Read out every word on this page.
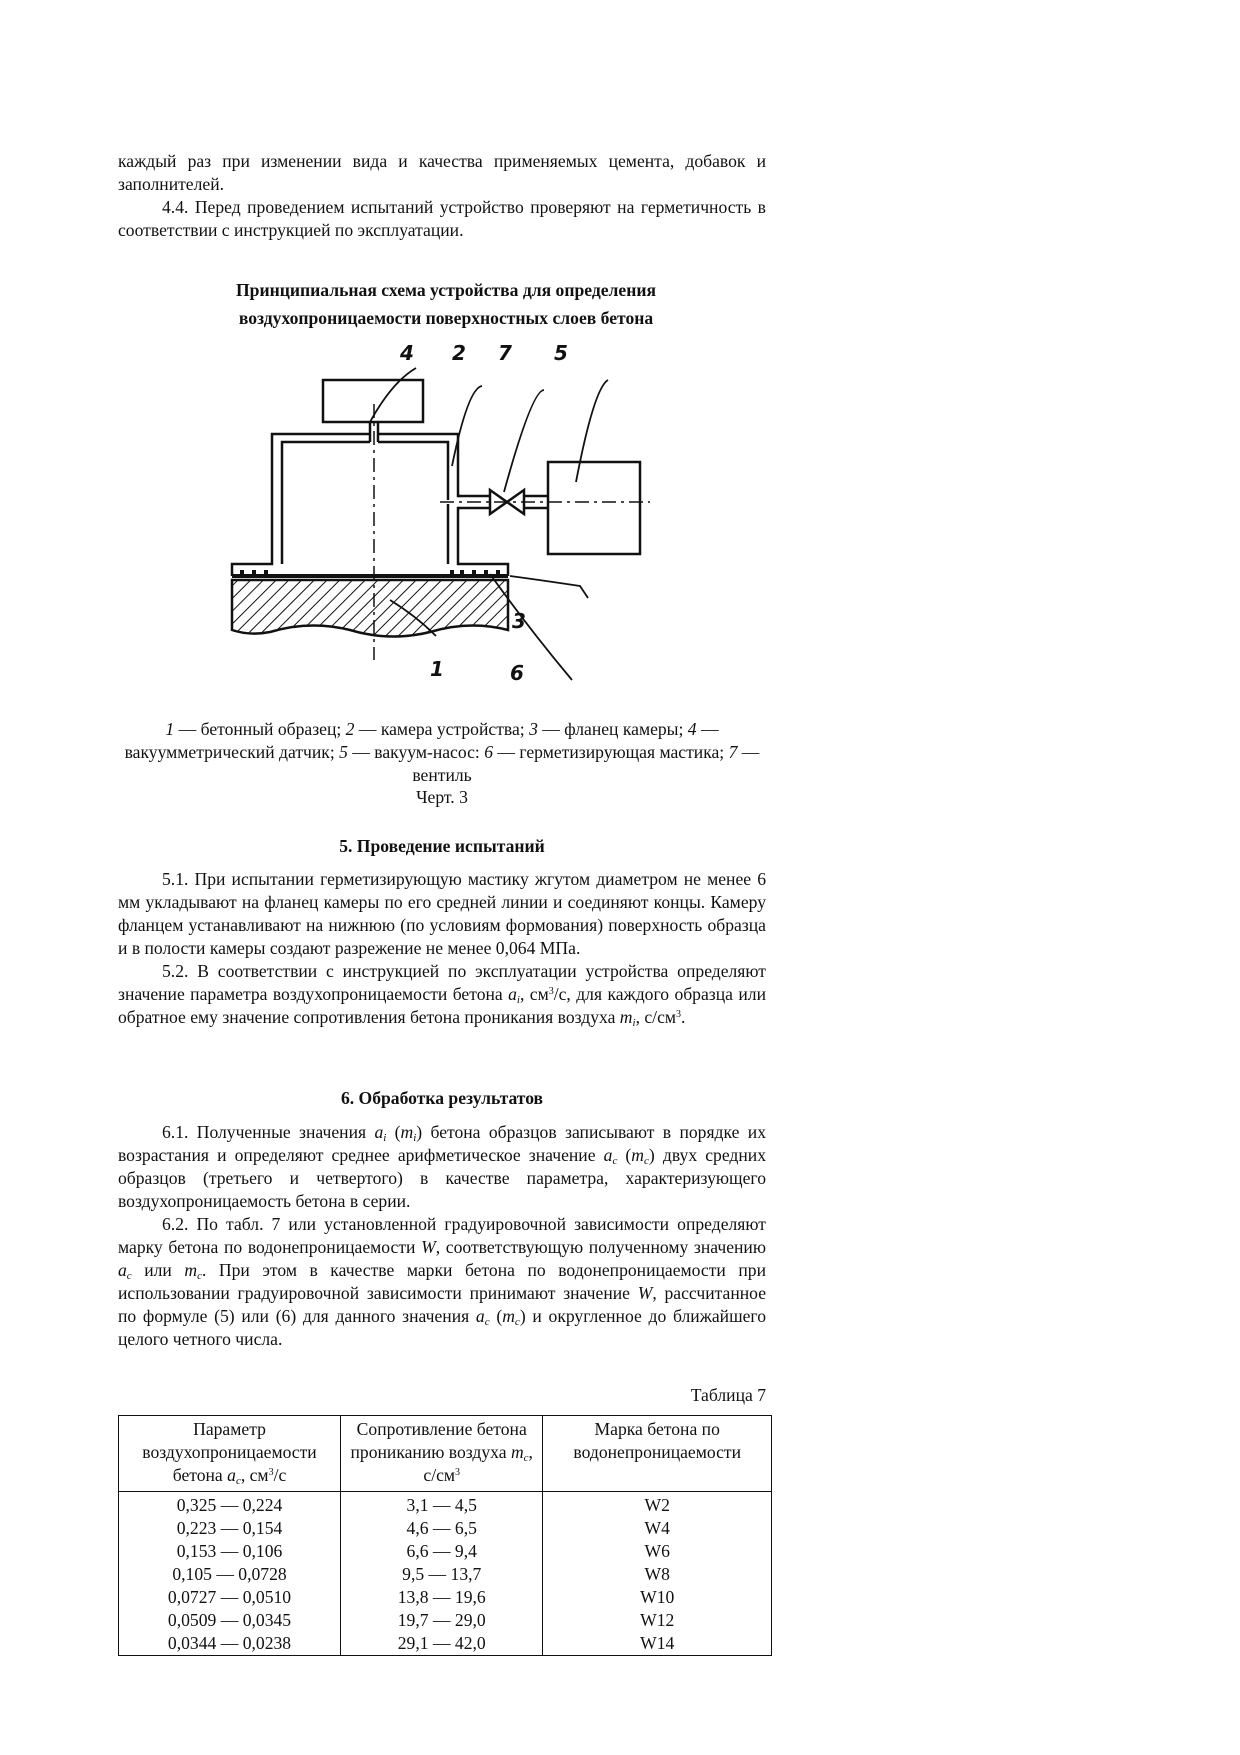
каждый раз при изменении вида и качества применяемых цемента, добавок и заполнителей.

4.4. Перед проведением испытаний устройство проверяют на герметичность в соответствии с инструкцией по эксплуатации.

Принципиальная схема устройства для определения
воздухопроницаемости поверхностных слоев бетона
4 2 7 5
3
1	6
1 — бетонный образец; 2 — камера устройства; 3 — фланец камеры; 4 — вакуумметрический датчик; 5 — вакуум-насос: 6 — герметизирующая мастика; 7 — вентиль
Черт. 3
5. Проведение испытаний

5.1. При испытании герметизирующую мастику жгутом диаметром не менее 6 мм укладывают на фланец камеры по его средней линии и соединяют концы. Камеру фланцем устанавливают на нижнюю (по условиям формования) поверхность образца и в полости камеры создают разрежение не менее 0,064 МПа.

5.2. В соответствии с инструкцией по эксплуатации устройства определяют значение параметра воздухопроницаемости бетона $a_i$, $см^3/с$, для каждого образца или обратное ему значение сопротивления бетона проникания воздуха $m_i$, $с/см^3$.

6. Обработка результатов

6.1. Полученные значения $a_i$ $(m_i)$ бетона образцов записывают в порядке их возрастания и определяют среднее арифметическое значение $a_c$ $(m_c)$ двух средних образцов (третьего и четвертого) в качестве параметра, характеризующего воздухопроницаемость бетона в серии.

6.2. По табл. 7 или установленной градуировочной зависимости определяют марку бетона по водонепроницаемости W, соответствующую полученному значению $a_c$ или $m_c$. При этом в качестве марки бетона по водонепроницаемости при использовании градуировочной зависимости принимают значение W, рассчитанное по формуле (5) или (6) для данного значения $a_c$ $(m_c)$ и округленное до ближайшего целого четного числа.

Таблица 7
Параметр воздухопроницаемости бетона $a_c$, $см^3/с$	Сопротивление бетона прониканию воздуха $m_c$, $с/см^3$	Марка бетона по водонепроницаемости
0,325 — 0,224	3,1 — 4,5	W2
0,223 — 0,154	4,6 — 6,5	W4
0,153 — 0,106	6,6 — 9,4	W6
0,105 — 0,0728	9,5 — 13,7	W8
0,0727 — 0,0510	13,8 — 19,6	W10
0,0509 — 0,0345	19,7 — 29,0	W12
0,0344 — 0,0238	29,1 — 42,0	W14
